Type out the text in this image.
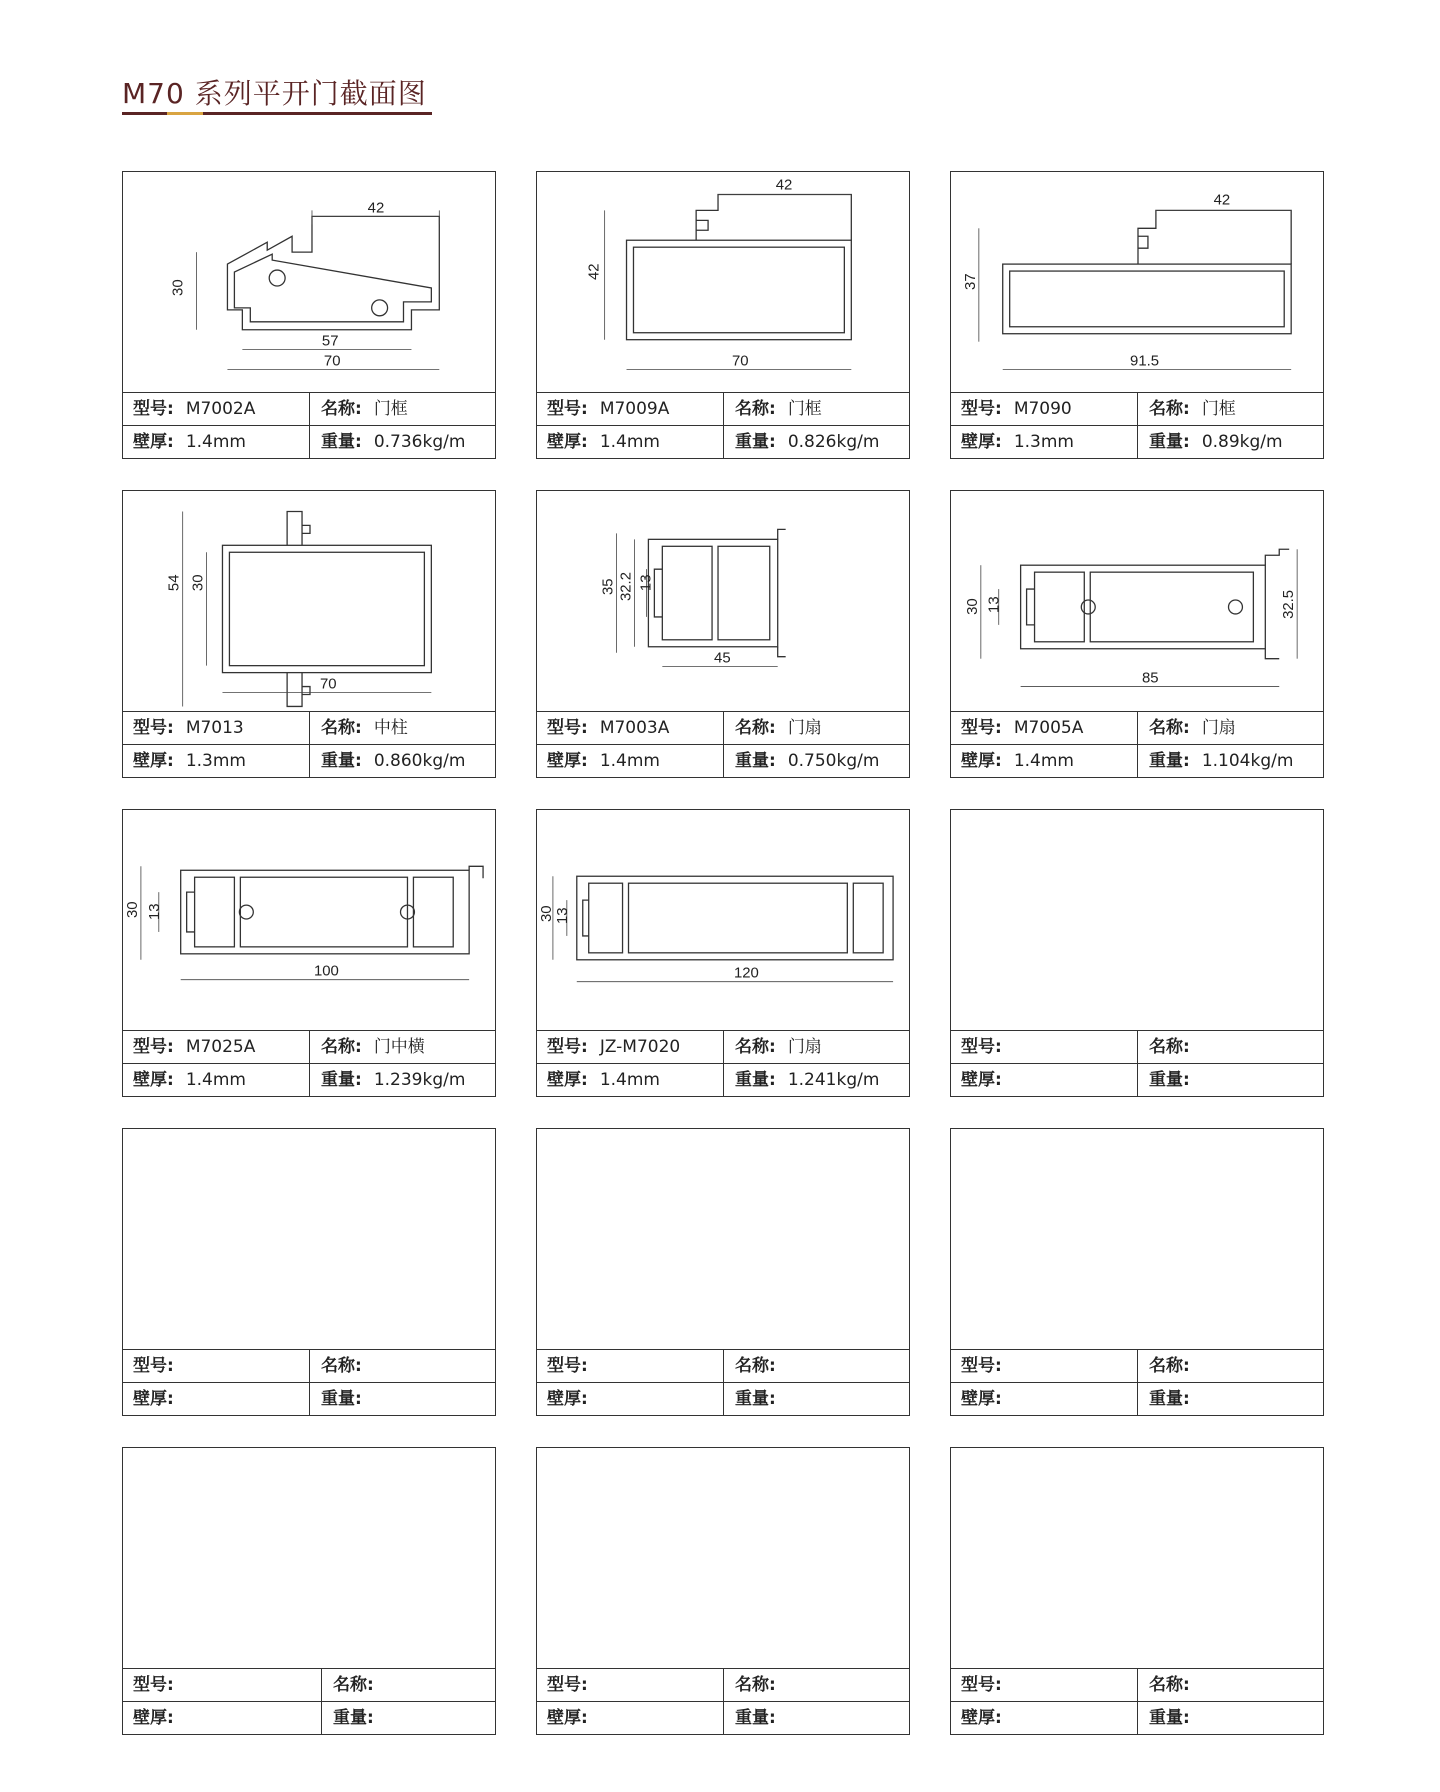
M70 系列平开门截面图
42
30
57
70
型号: M7002A	名称: 门框
壁厚: 1.4mm	重量: 0.736kg/m
42
42
70
型号: M7009A	名称: 门框
壁厚: 1.4mm	重量: 0.826kg/m
42
37
91.5
型号: M7090	名称: 门框
壁厚: 1.3mm	重量: 0.89kg/m
54 30
70
型号: M7013	名称: 中柱
壁厚: 1.3mm	重量: 0.860kg/m
35 32.2 13
45
型号: M7003A	名称: 门扇
壁厚: 1.4mm	重量: 0.750kg/m
30 13	32.5
85
型号: M7005A	名称: 门扇
壁厚: 1.4mm	重量: 1.104kg/m
30 13
100
型号: M7025A	名称: 门中横
壁厚: 1.4mm	重量: 1.239kg/m
30 13
120
型号: JZ-M7020	名称: 门扇
壁厚: 1.4mm	重量: 1.241kg/m
型号:	名称:
壁厚:	重量:
型号:	名称:
壁厚:	重量:
型号:	名称:
壁厚:	重量:
型号:	名称:
壁厚:	重量:
型号:	名称:
壁厚:	重量:
型号:	名称:
壁厚:	重量:
型号:	名称:
壁厚:	重量:
